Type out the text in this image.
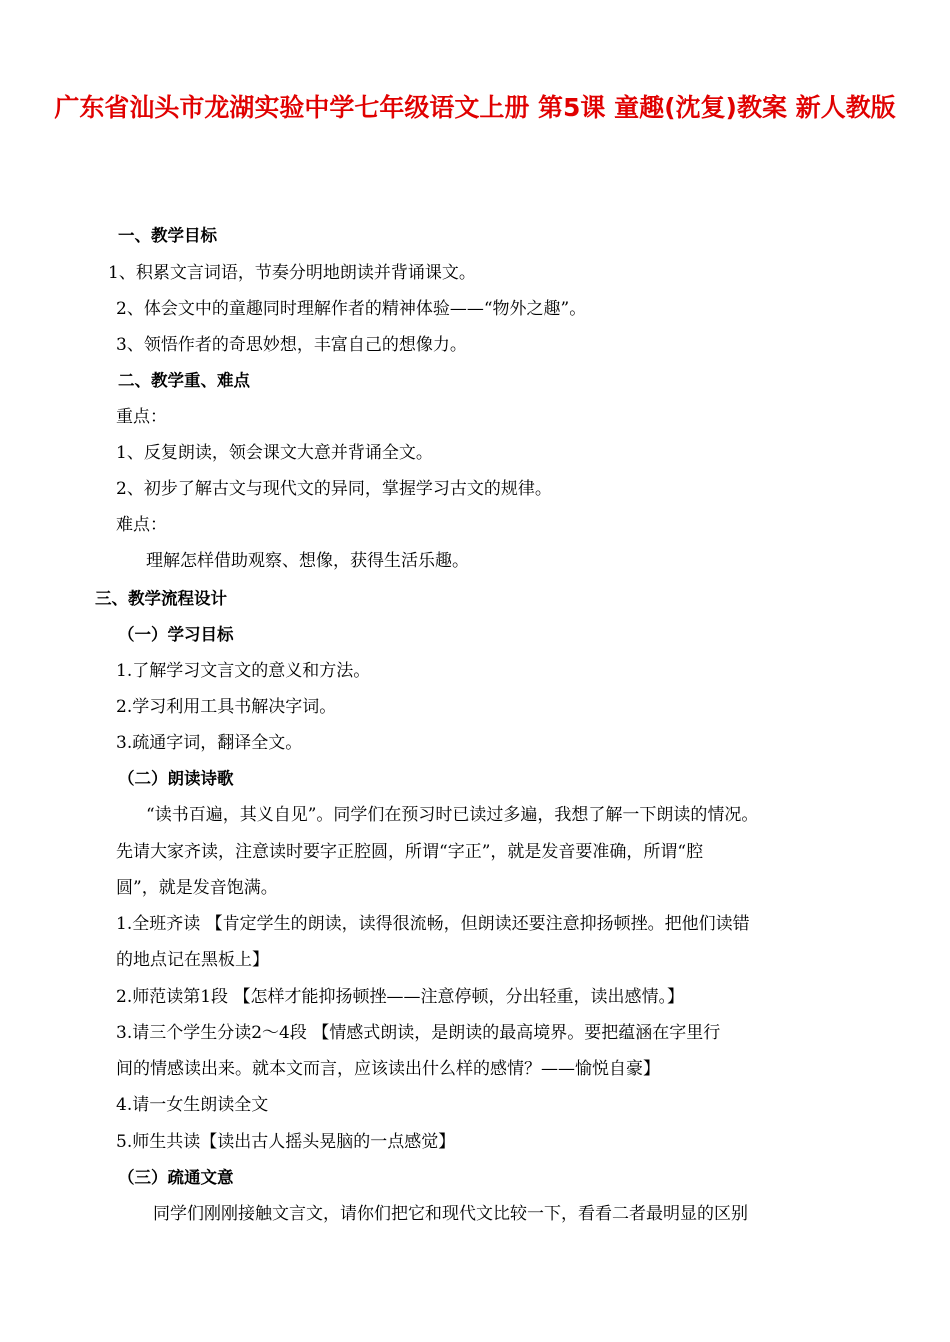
广东省汕头市龙湖实验中学七年级语文上册 第5课 童趣(沈复)教案 新人教版

一、教学目标

1、积累文言词语，节奏分明地朗读并背诵课文。

2、体会文中的童趣同时理解作者的精神体验——“物外之趣”。

3、领悟作者的奇思妙想，丰富自己的想像力。

二、教学重、难点

重点：

1、反复朗读，领会课文大意并背诵全文。

2、初步了解古文与现代文的异同，掌握学习古文的规律。

难点：

理解怎样借助观察、想像，获得生活乐趣。

三、教学流程设计

（一）学习目标

1.了解学习文言文的意义和方法。

2.学习利用工具书解决字词。

3.疏通字词，翻译全文。

（二）朗读诗歌

“读书百遍，其义自见”。同学们在预习时已读过多遍，我想了解一下朗读的情况。

先请大家齐读，注意读时要字正腔圆，所谓“字正”，就是发音要准确，所谓“腔

圆”，就是发音饱满。

1.全班齐读 【肯定学生的朗读，读得很流畅，但朗读还要注意抑扬顿挫。把他们读错

的地点记在黑板上】

2.师范读第1段 【怎样才能抑扬顿挫——注意停顿，分出轻重，读出感情。】

3.请三个学生分读2～4段 【情感式朗读，是朗读的最高境界。要把蕴涵在字里行

间的情感读出来。就本文而言，应该读出什么样的感情？——愉悦自豪】

4.请一女生朗读全文

5.师生共读【读出古人摇头晃脑的一点感觉】

（三）疏通文意

同学们刚刚接触文言文，请你们把它和现代文比较一下，看看二者最明显的区别
